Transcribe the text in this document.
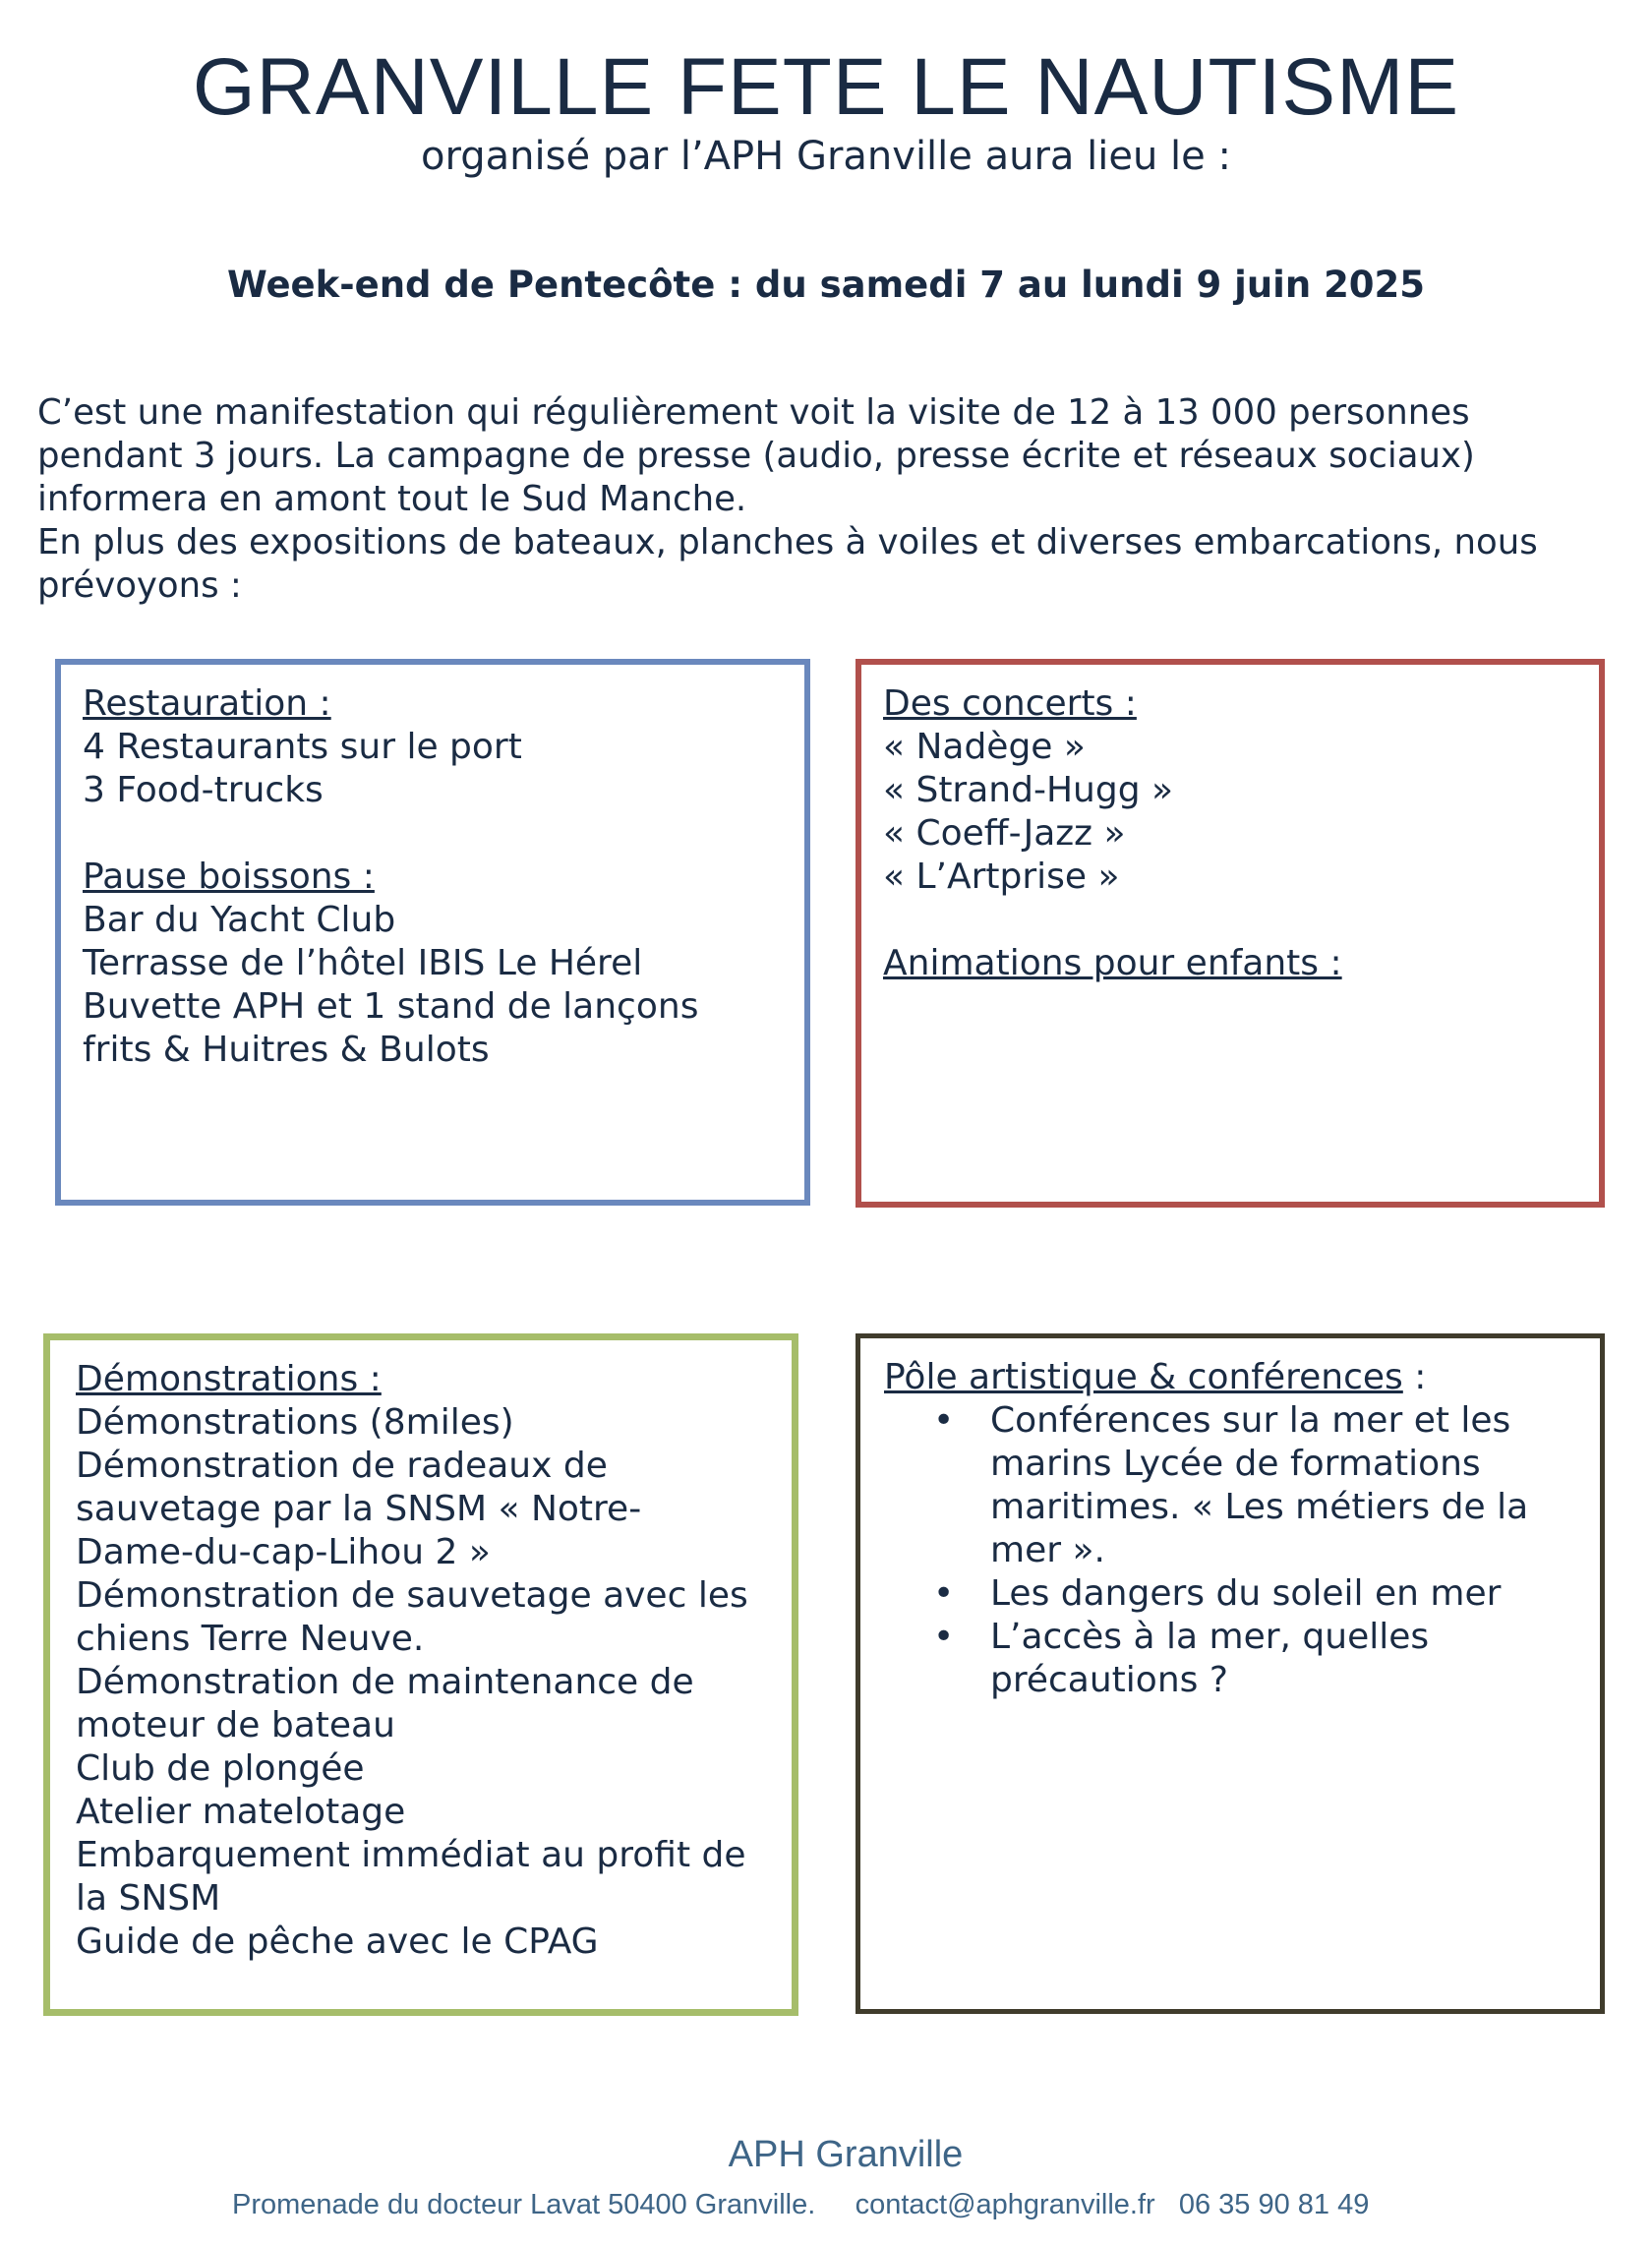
GRANVILLE FETE LE NAUTISME
organisé par l’APH Granville aura lieu le :
Week-end de Pentecôte : du samedi 7 au lundi 9 juin 2025

C’est une manifestation qui régulièrement voit la visite de 12 à 13 000 personnes

pendant 3 jours. La campagne de presse (audio, presse écrite et réseaux sociaux)

informera en amont tout le Sud Manche.

En plus des expositions de bateaux, planches à voiles et diverses embarcations, nous

prévoyons :

Restauration :

4 Restaurants sur le port

3 Food-trucks

Pause boissons :

Bar du Yacht Club

Terrasse de l’hôtel IBIS Le Hérel

Buvette APH et 1 stand de lançons

frits & Huitres & Bulots

Des concerts :

« Nadège »

« Strand-Hugg »

« Coeff-Jazz »

« L’Artprise »

Animations pour enfants :

Démonstrations :

Démonstrations (8miles)

Démonstration de radeaux de

sauvetage par la SNSM « Notre-

Dame-du-cap-Lihou 2 »

Démonstration de sauvetage avec les

chiens Terre Neuve.

Démonstration de maintenance de

moteur de bateau

Club de plongée

Atelier matelotage

Embarquement immédiat au profit de

la SNSM

Guide de pêche avec le CPAG

Pôle artistique & conférences :

• Conférences sur la mer et les
marins Lycée de formations
maritimes. « Les métiers de la
mer ».
• Les dangers du soleil en mer
• L’accès à la mer, quelles
précautions ?
APH Granville
Promenade du docteur Lavat 50400 Granville. contact@aphgranville.fr 06 35 90 81 49
